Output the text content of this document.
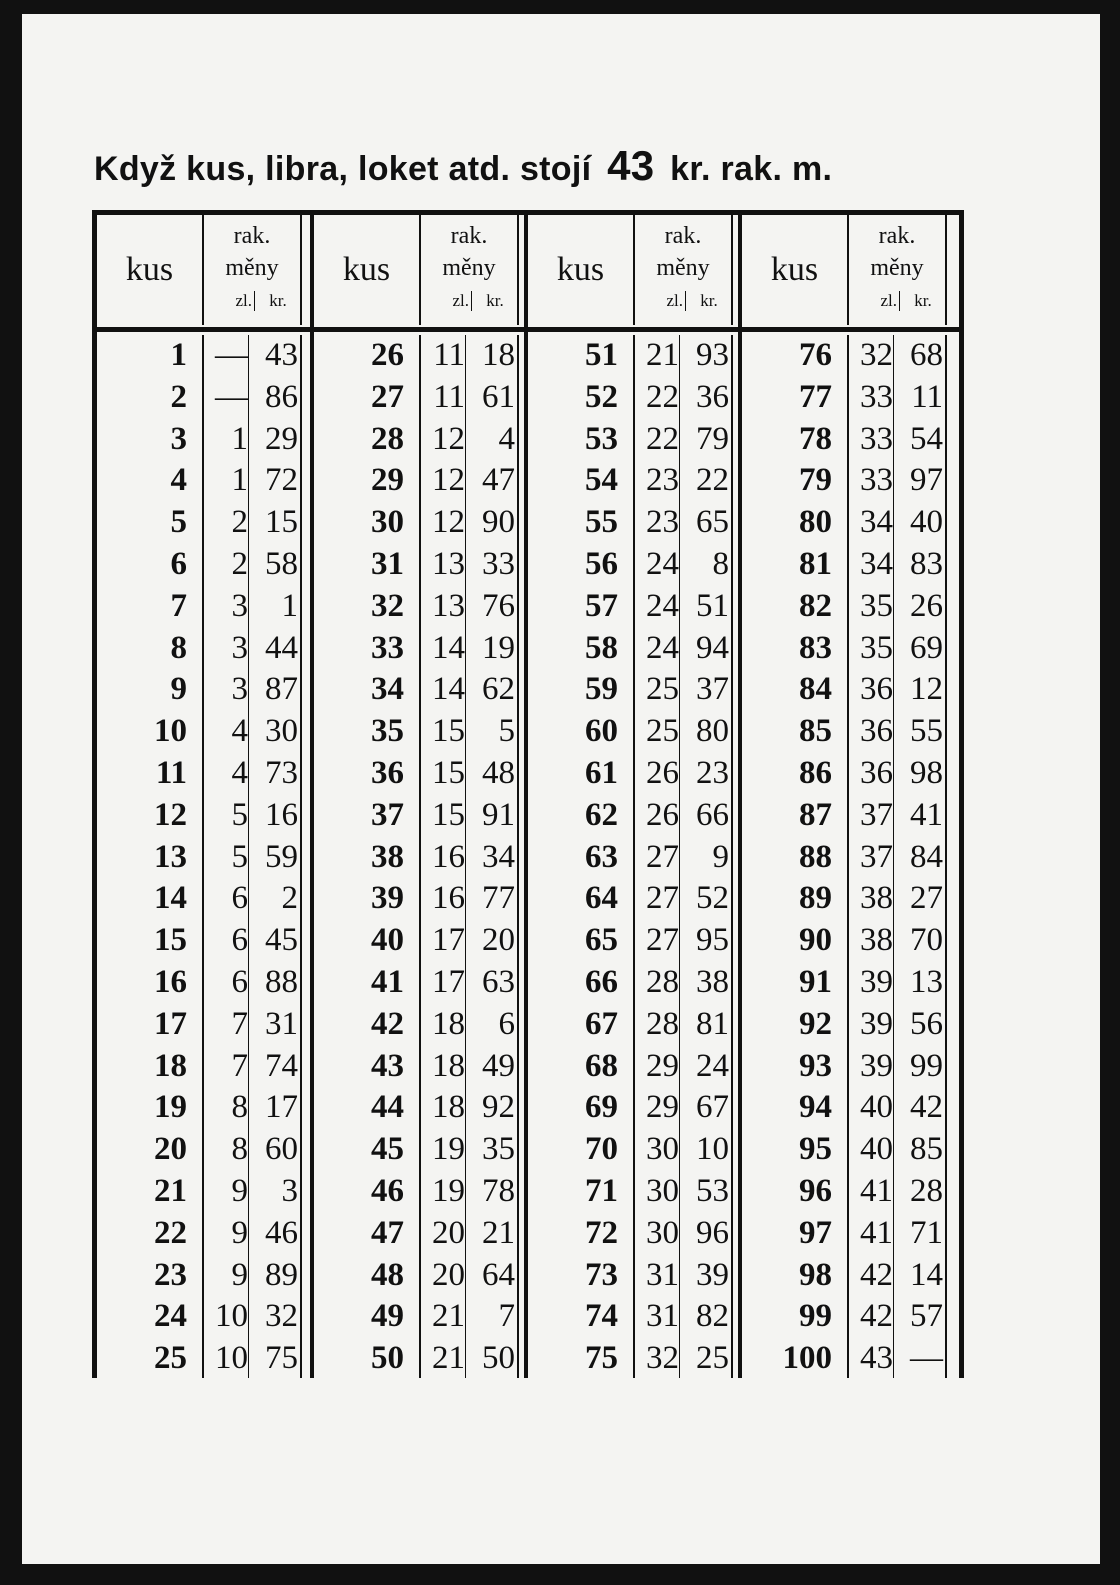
Když kus, libra, loket atd. stojí 43 kr. rak. m.
kus
rak.
měny
zl.	kr.
1 — 43
2 — 86
3	1 29
4	1 72
5	2 15
6	2 58
7	3	1
8	3 44
9	3 87
10	4 30
11	4 73
12	5 16
13	5 59
14	6	2
15	6 45
16	6 88
17	7 31
18	7 74
19	8 17
20	8 60
21	9	3
22	9 46
23	9 89
24 10 32
25 10 75
kus
rak.
měny
zl.	kr.
26 11 18
27 11 61
28 12	4
29 12 47
30 12 90
31 13 33
32 13 76
33 14 19
34 14 62
35 15	5
36 15 48
37 15 91
38 16 34
39 16 77
40 17 20
41 17 63
42 18	6
43 18 49
44 18 92
45 19 35
46 19 78
47 20 21
48 20 64
49 21	7
50 21 50
kus
rak.
měny
zl.	kr.
51 21 93
52 22 36
53 22 79
54 23 22
55 23 65
56 24	8
57 24 51
58 24 94
59 25 37
60 25 80
61 26 23
62 26 66
63 27	9
64 27 52
65 27 95
66 28 38
67 28 81
68 29 24
69 29 67
70 30 10
71 30 53
72 30 96
73 31 39
74 31 82
75 32 25
kus
rak.
měny
zl.	kr.
76 32 68
77 33 11
78 33 54
79 33 97
80 34 40
81 34 83
82 35 26
83 35 69
84 36 12
85 36 55
86 36 98
87 37 41
88 37 84
89 38 27
90 38 70
91 39 13
92 39 56
93 39 99
94 40 42
95 40 85
96 41 28
97 41 71
98 42 14
99 42 57
100 43 —
